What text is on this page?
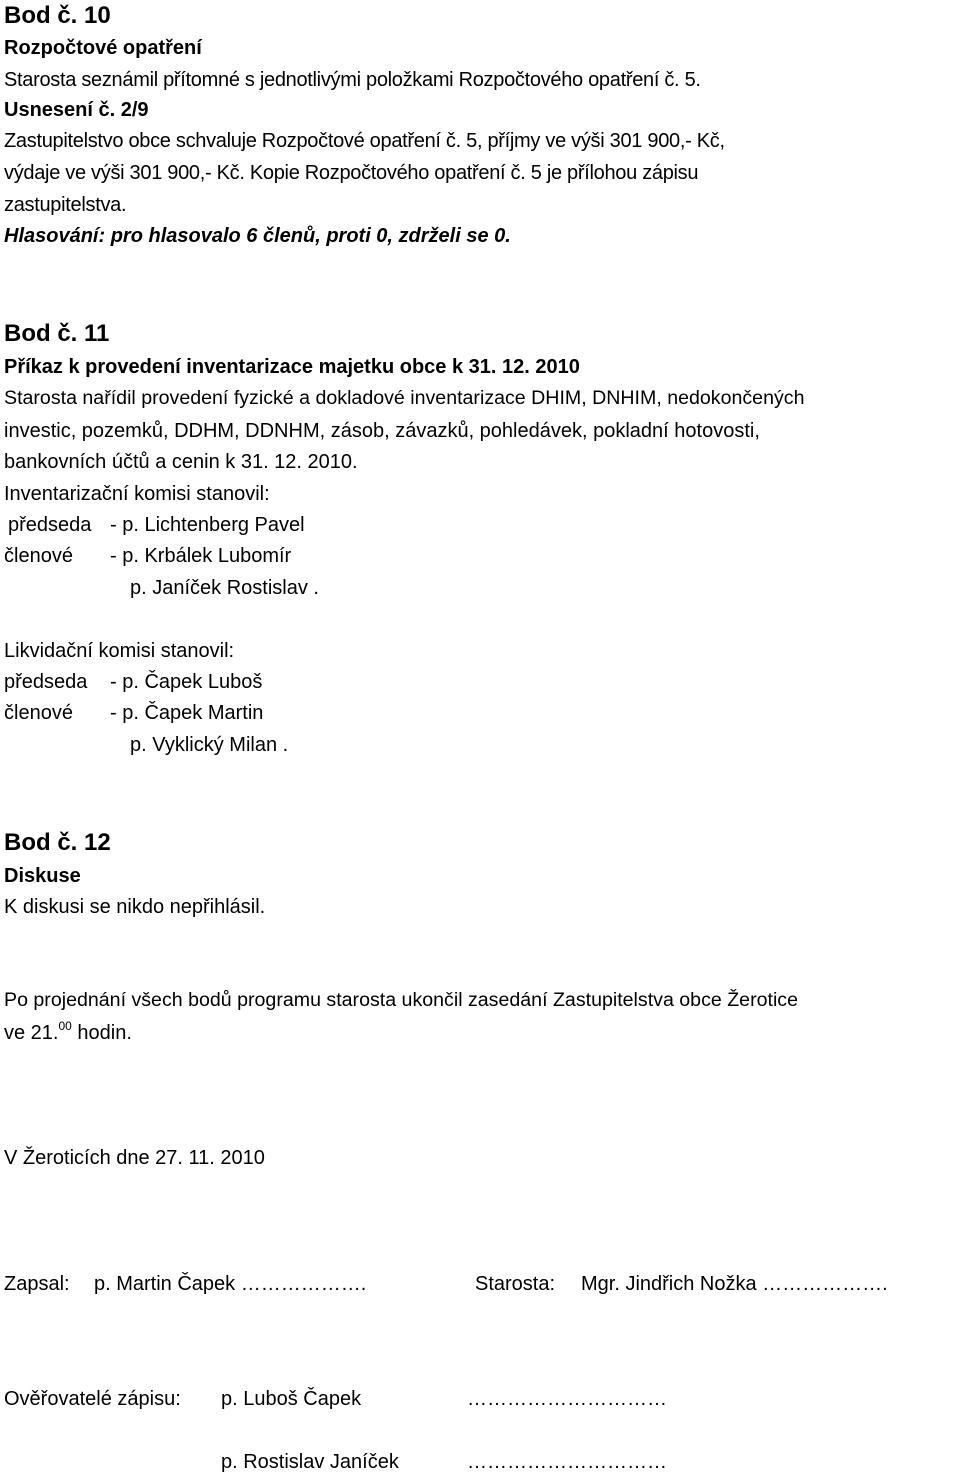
Bod č. 10
Rozpočtové opatření
Starosta seznámil přítomné s jednotlivými položkami Rozpočtového opatření č. 5.
Usnesení č. 2/9
Zastupitelstvo obce schvaluje Rozpočtové opatření č. 5, příjmy ve výši 301 900,- Kč,
výdaje ve výši 301 900,- Kč. Kopie Rozpočtového opatření č. 5 je přílohou zápisu
zastupitelstva.
Hlasování: pro hlasovalo 6 členů, proti 0, zdrželi se 0.
Bod č. 11
Příkaz k provedení inventarizace majetku obce k 31. 12. 2010
Starosta nařídil provedení fyzické a dokladové inventarizace DHIM, DNHIM, nedokončených
investic, pozemků, DDHM, DDNHM, zásob, závazků, pohledávek, pokladní hotovosti,
bankovních účtů a cenin k 31. 12. 2010.
Inventarizační komisi stanovil:
předseda - p. Lichtenberg Pavel
členové - p. Krbálek Lubomír
p. Janíček Rostislav .
Likvidační komisi stanovil:
předseda - p. Čapek Luboš
členové - p. Čapek Martin
p. Vyklický Milan .
Bod č. 12
Diskuse
K diskusi se nikdo nepřihlásil.
Po projednání všech bodů programu starosta ukončil zasedání Zastupitelstva obce Žerotice
ve 21.00 hodin.
V Žeroticích dne 27. 11. 2010
Zapsal: p. Martin Čapek ……………….	Starosta: Mgr. Jindřich Nožka ……………….
Ověřovatelé zápisu: p. Luboš Čapek	…………………………
p. Rostislav Janíček	…………………………
